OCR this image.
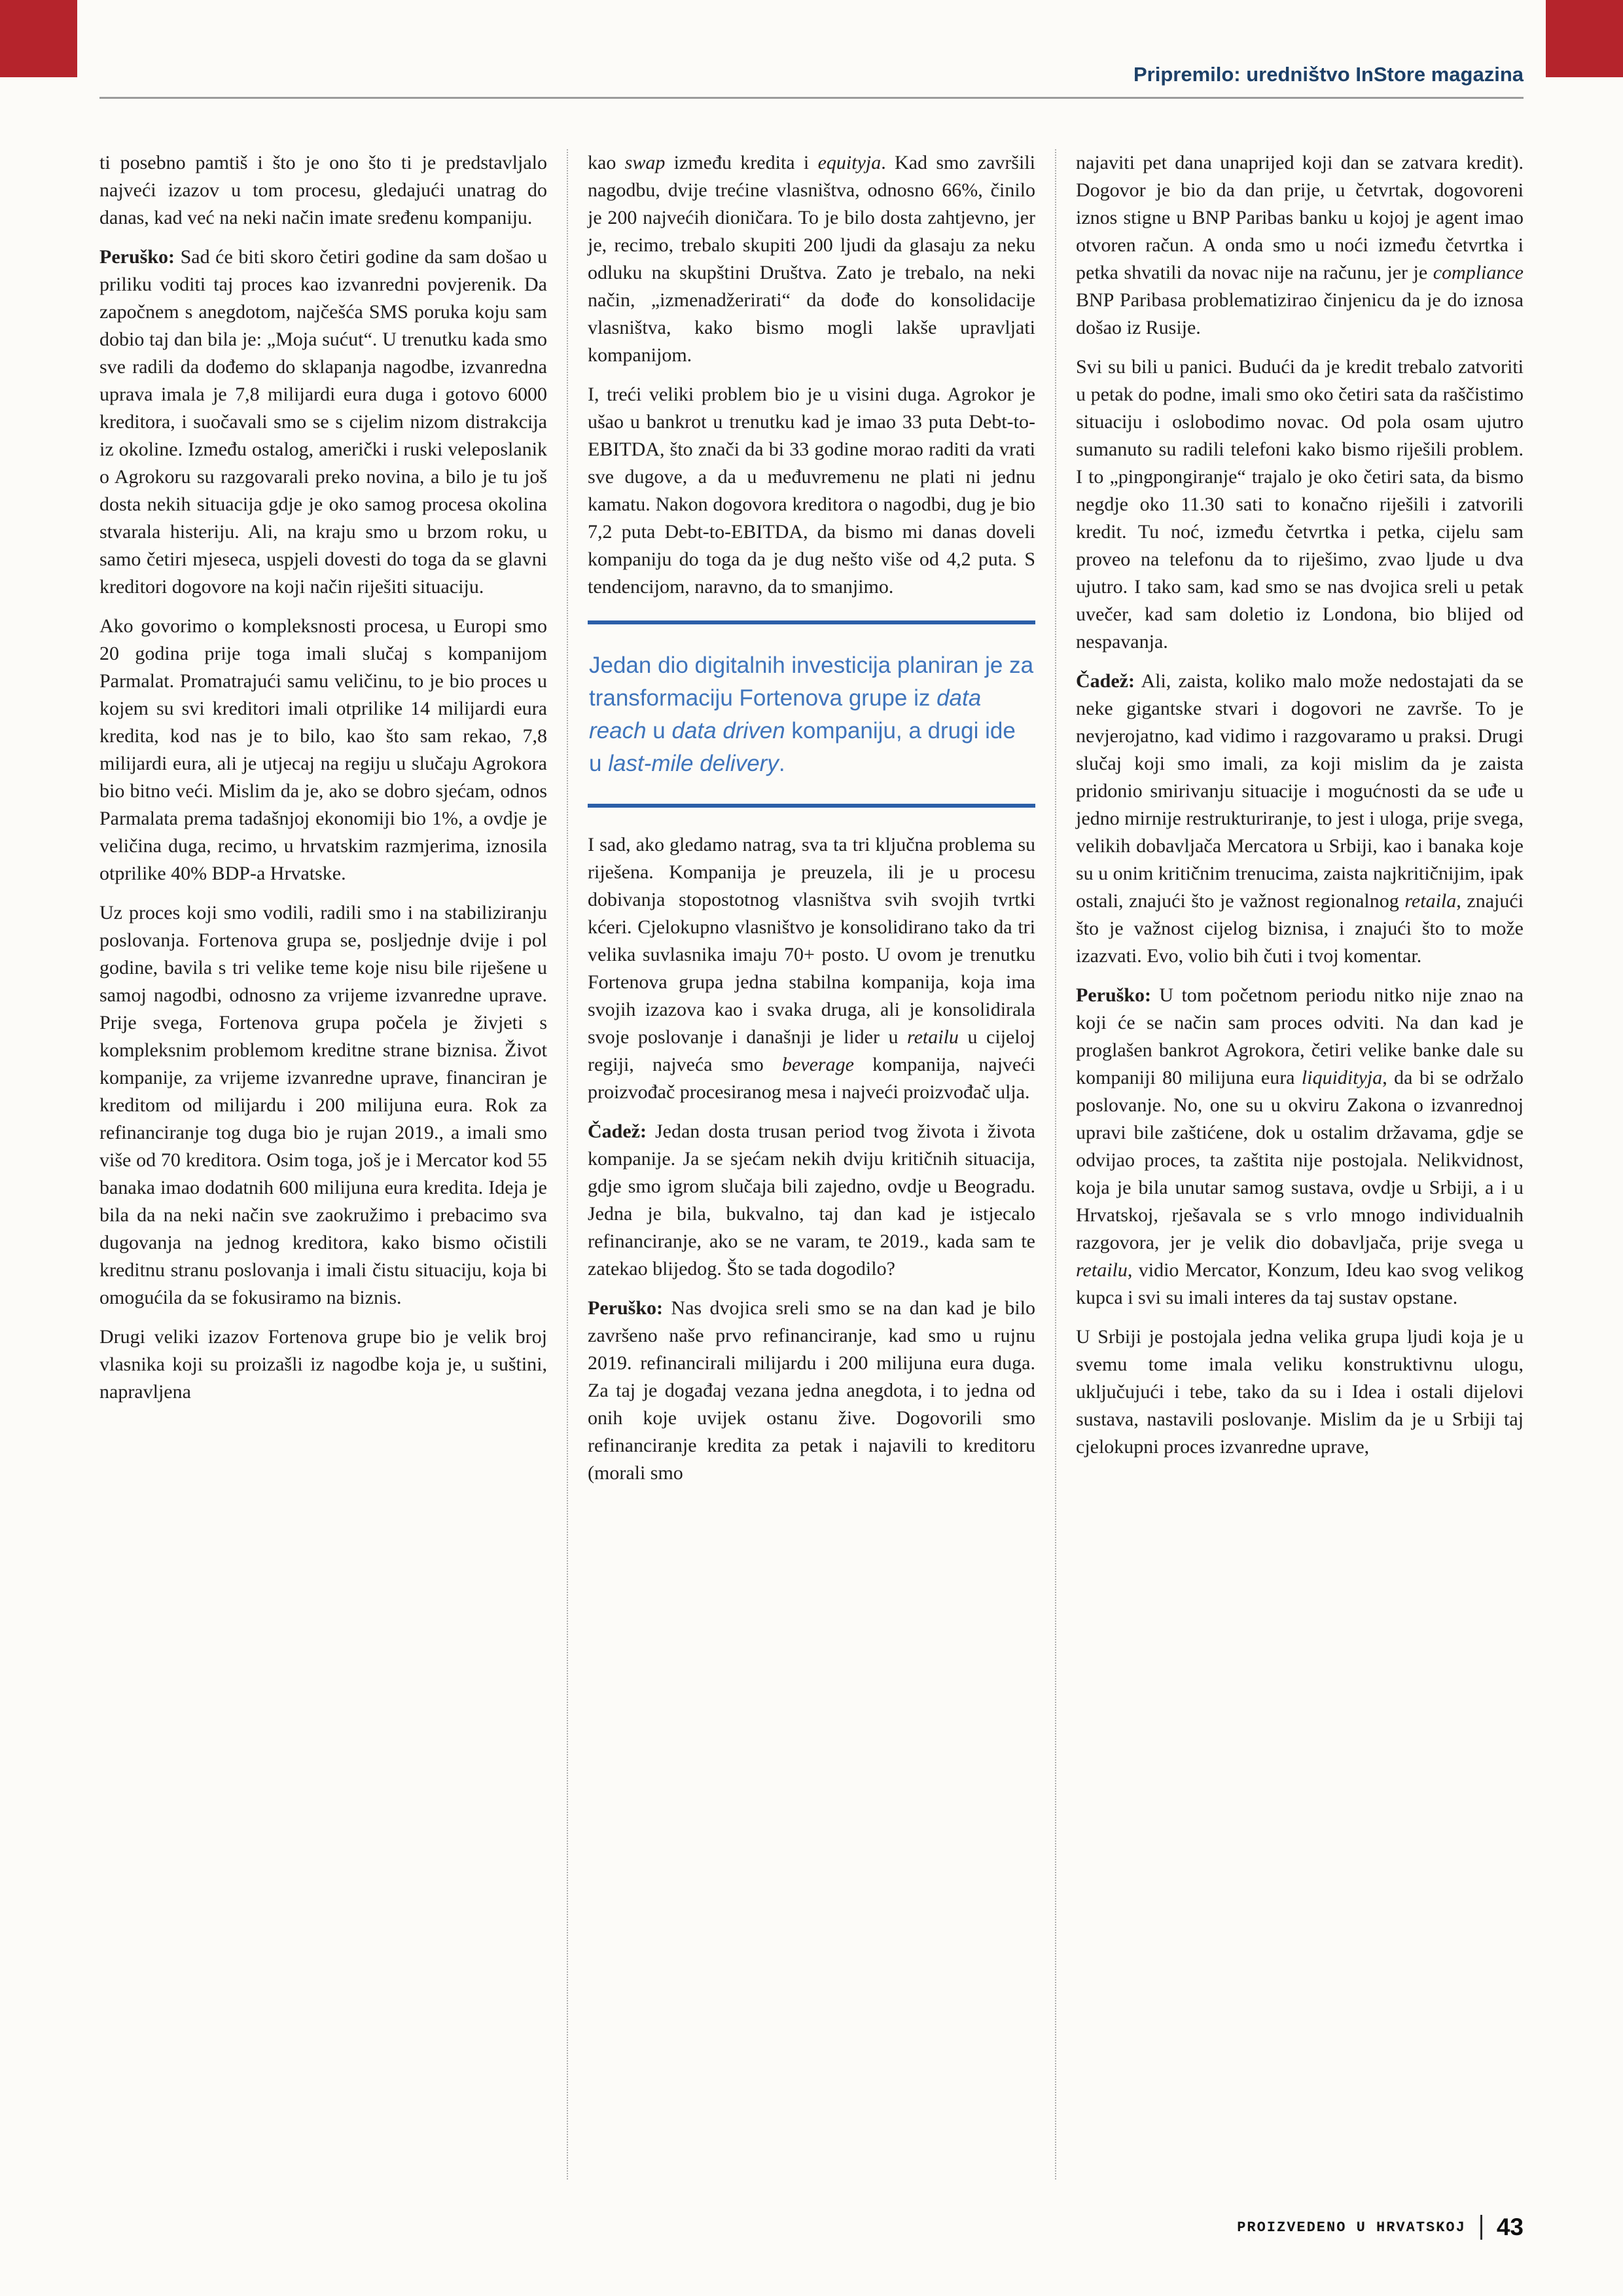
Pripremilo: uredništvo InStore magazina

ti posebno pamtiš i što je ono što ti je predstavljalo najveći izazov u tom procesu, gledajući unatrag do danas, kad već na neki način imate sređenu kompaniju.

Peruško: Sad će biti skoro četiri godine da sam došao u priliku voditi taj proces kao izvanredni povjerenik. Da započnem s anegdotom, najčešća SMS poruka koju sam dobio taj dan bila je: „Moja sućut“. U trenutku kada smo sve radili da dođemo do sklapanja nagodbe, izvanredna uprava imala je 7,8 milijardi eura duga i gotovo 6000 kreditora, i suočavali smo se s cijelim nizom distrakcija iz okoline. Između ostalog, američki i ruski veleposlanik o Agrokoru su razgovarali preko novina, a bilo je tu još dosta nekih situacija gdje je oko samog procesa okolina stvarala histeriju. Ali, na kraju smo u brzom roku, u samo četiri mjeseca, uspjeli dovesti do toga da se glavni kreditori dogovore na koji način riješiti situaciju.

Ako govorimo o kompleksnosti procesa, u Europi smo 20 godina prije toga imali slučaj s kompanijom Parmalat. Promatrajući samu veličinu, to je bio proces u kojem su svi kreditori imali otprilike 14 milijardi eura kredita, kod nas je to bilo, kao što sam rekao, 7,8 milijardi eura, ali je utjecaj na regiju u slučaju Agrokora bio bitno veći. Mislim da je, ako se dobro sjećam, odnos Parmalata prema tadašnjoj ekonomiji bio 1%, a ovdje je veličina duga, recimo, u hrvatskim razmjerima, iznosila otprilike 40% BDP-a Hrvatske.

Uz proces koji smo vodili, radili smo i na stabiliziranju poslovanja. Fortenova grupa se, posljednje dvije i pol godine, bavila s tri velike teme koje nisu bile riješene u samoj nagodbi, odnosno za vrijeme izvanredne uprave. Prije svega, Fortenova grupa počela je živjeti s kompleksnim problemom kreditne strane biznisa. Život kompanije, za vrijeme izvanredne uprave, financiran je kreditom od milijardu i 200 milijuna eura. Rok za refinanciranje tog duga bio je rujan 2019., a imali smo više od 70 kreditora. Osim toga, još je i Mercator kod 55 banaka imao dodatnih 600 milijuna eura kredita. Ideja je bila da na neki način sve zaokružimo i prebacimo sva dugovanja na jednog kreditora, kako bismo očistili kreditnu stranu poslovanja i imali čistu situaciju, koja bi omogućila da se fokusiramo na biznis.

Drugi veliki izazov Fortenova grupe bio je velik broj vlasnika koji su proizašli iz nagodbe koja je, u suštini, napravljena

kao swap između kredita i equityja. Kad smo završili nagodbu, dvije trećine vlasništva, odnosno 66%, činilo je 200 najvećih dioničara. To je bilo dosta zahtjevno, jer je, recimo, trebalo skupiti 200 ljudi da glasaju za neku odluku na skupštini Društva. Zato je trebalo, na neki način, „izmenadžerirati“ da dođe do konsolidacije vlasništva, kako bismo mogli lakše upravljati kompanijom.

I, treći veliki problem bio je u visini duga. Agrokor je ušao u bankrot u trenutku kad je imao 33 puta Debt-to-EBITDA, što znači da bi 33 godine morao raditi da vrati sve dugove, a da u međuvremenu ne plati ni jednu kamatu. Nakon dogovora kreditora o nagodbi, dug je bio 7,2 puta Debt-to-EBITDA, da bismo mi danas doveli kompaniju do toga da je dug nešto više od 4,2 puta. S tendencijom, naravno, da to smanjimo.

Jedan dio digitalnih investicija planiran je za transformaciju Fortenova grupe iz data reach u data driven kompaniju, a drugi ide u last-mile delivery.

I sad, ako gledamo natrag, sva ta tri ključna problema su riješena. Kompanija je preuzela, ili je u procesu dobivanja stopostotnog vlasništva svih svojih tvrtki kćeri. Cjelokupno vlasništvo je konsolidirano tako da tri velika suvlasnika imaju 70+ posto. U ovom je trenutku Fortenova grupa jedna stabilna kompanija, koja ima svojih izazova kao i svaka druga, ali je konsolidirala svoje poslovanje i današnji je lider u retailu u cijeloj regiji, najveća smo beverage kompanija, najveći proizvođač procesiranog mesa i najveći proizvođač ulja.

Čadež: Jedan dosta trusan period tvog života i života kompanije. Ja se sjećam nekih dviju kritičnih situacija, gdje smo igrom slučaja bili zajedno, ovdje u Beogradu. Jedna je bila, bukvalno, taj dan kad je istjecalo refinanciranje, ako se ne varam, te 2019., kada sam te zatekao blijedog. Što se tada dogodilo?

Peruško: Nas dvojica sreli smo se na dan kad je bilo završeno naše prvo refinanciranje, kad smo u rujnu 2019. refinancirali milijardu i 200 milijuna eura duga. Za taj je događaj vezana jedna anegdota, i to jedna od onih koje uvijek ostanu žive. Dogovorili smo refinanciranje kredita za petak i najavili to kreditoru (morali smo

najaviti pet dana unaprijed koji dan se zatvara kredit). Dogovor je bio da dan prije, u četvrtak, dogovoreni iznos stigne u BNP Paribas banku u kojoj je agent imao otvoren račun. A onda smo u noći između četvrtka i petka shvatili da novac nije na računu, jer je compliance BNP Paribasa problematizirao činjenicu da je do iznosa došao iz Rusije.

Svi su bili u panici. Budući da je kredit trebalo zatvoriti u petak do podne, imali smo oko četiri sata da raščistimo situaciju i oslobodimo novac. Od pola osam ujutro sumanuto su radili telefoni kako bismo riješili problem. I to „pingpongiranje“ trajalo je oko četiri sata, da bismo negdje oko 11.30 sati to konačno riješili i zatvorili kredit. Tu noć, između četvrtka i petka, cijelu sam proveo na telefonu da to riješimo, zvao ljude u dva ujutro. I tako sam, kad smo se nas dvojica sreli u petak uvečer, kad sam doletio iz Londona, bio blijed od nespavanja.

Čadež: Ali, zaista, koliko malo može nedostajati da se neke gigantske stvari i dogovori ne završe. To je nevjerojatno, kad vidimo i razgovaramo u praksi. Drugi slučaj koji smo imali, za koji mislim da je zaista pridonio smirivanju situacije i mogućnosti da se uđe u jedno mirnije restrukturiranje, to jest i uloga, prije svega, velikih dobavljača Mercatora u Srbiji, kao i banaka koje su u onim kritičnim trenucima, zaista najkritičnijim, ipak ostali, znajući što je važnost regionalnog retaila, znajući što je važnost cijelog biznisa, i znajući što to može izazvati. Evo, volio bih čuti i tvoj komentar.

Peruško: U tom početnom periodu nitko nije znao na koji će se način sam proces odviti. Na dan kad je proglašen bankrot Agrokora, četiri velike banke dale su kompaniji 80 milijuna eura liquidityja, da bi se održalo poslovanje. No, one su u okviru Zakona o izvanrednoj upravi bile zaštićene, dok u ostalim državama, gdje se odvijao proces, ta zaštita nije postojala. Nelikvidnost, koja je bila unutar samog sustava, ovdje u Srbiji, a i u Hrvatskoj, rješavala se s vrlo mnogo individualnih razgovora, jer je velik dio dobavljača, prije svega u retailu, vidio Mercator, Konzum, Ideu kao svog velikog kupca i svi su imali interes da taj sustav opstane.

U Srbiji je postojala jedna velika grupa ljudi koja je u svemu tome imala veliku konstruktivnu ulogu, uključujući i tebe, tako da su i Idea i ostali dijelovi sustava, nastavili poslovanje. Mislim da je u Srbiji taj cjelokupni proces izvanredne uprave,

PROIZVEDENO U HRVATSKOJ 43
